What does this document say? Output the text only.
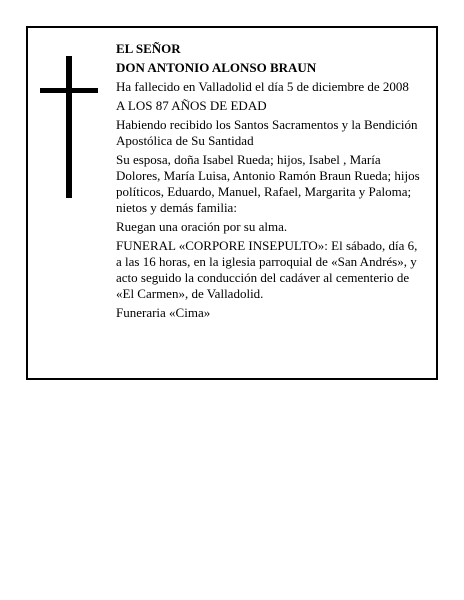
EL SEÑOR

DON ANTONIO ALONSO BRAUN

Ha fallecido en Valladolid el día 5 de diciembre de 2008

A LOS 87 AÑOS DE EDAD

Habiendo recibido los Santos Sacramentos y la Bendición Apostólica de Su Santidad

Su esposa, doña Isabel Rueda; hijos, Isabel , María Dolores, María Luisa, Antonio Ramón Braun Rueda; hijos políticos, Eduardo, Manuel, Rafael, Margarita y Paloma; nietos y demás familia:

Ruegan una oración por su alma.

FUNERAL «CORPORE INSEPULTO»: El sábado, día 6, a las 16 horas, en la iglesia parroquial de «San Andrés», y acto seguido la conducción del cadáver al cementerio de «El Carmen», de Valladolid.

Funeraria «Cima»
